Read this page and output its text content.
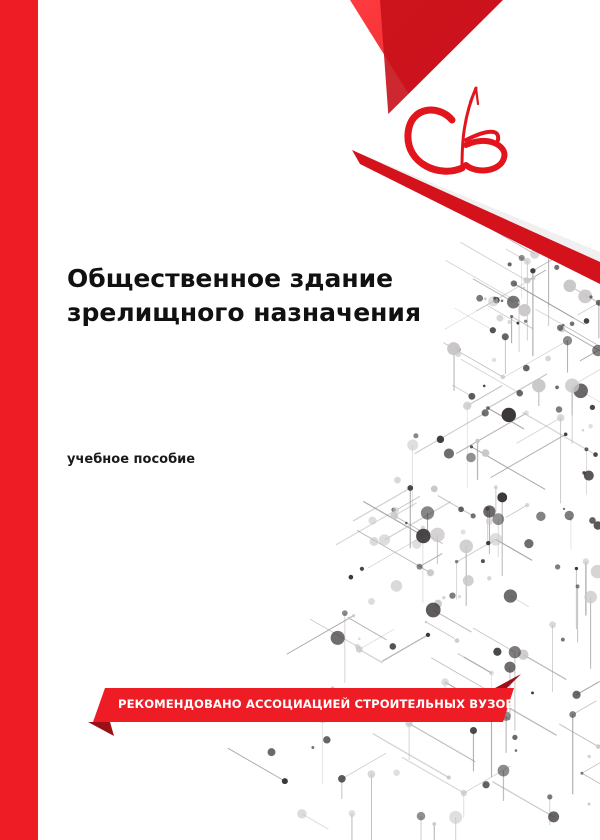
Общественное здание
зрелищного назначения

учебное пособие

РЕКОМЕНДОВАНО АССОЦИАЦИЕЙ СТРОИТЕЛЬНЫХ ВУЗОВ
